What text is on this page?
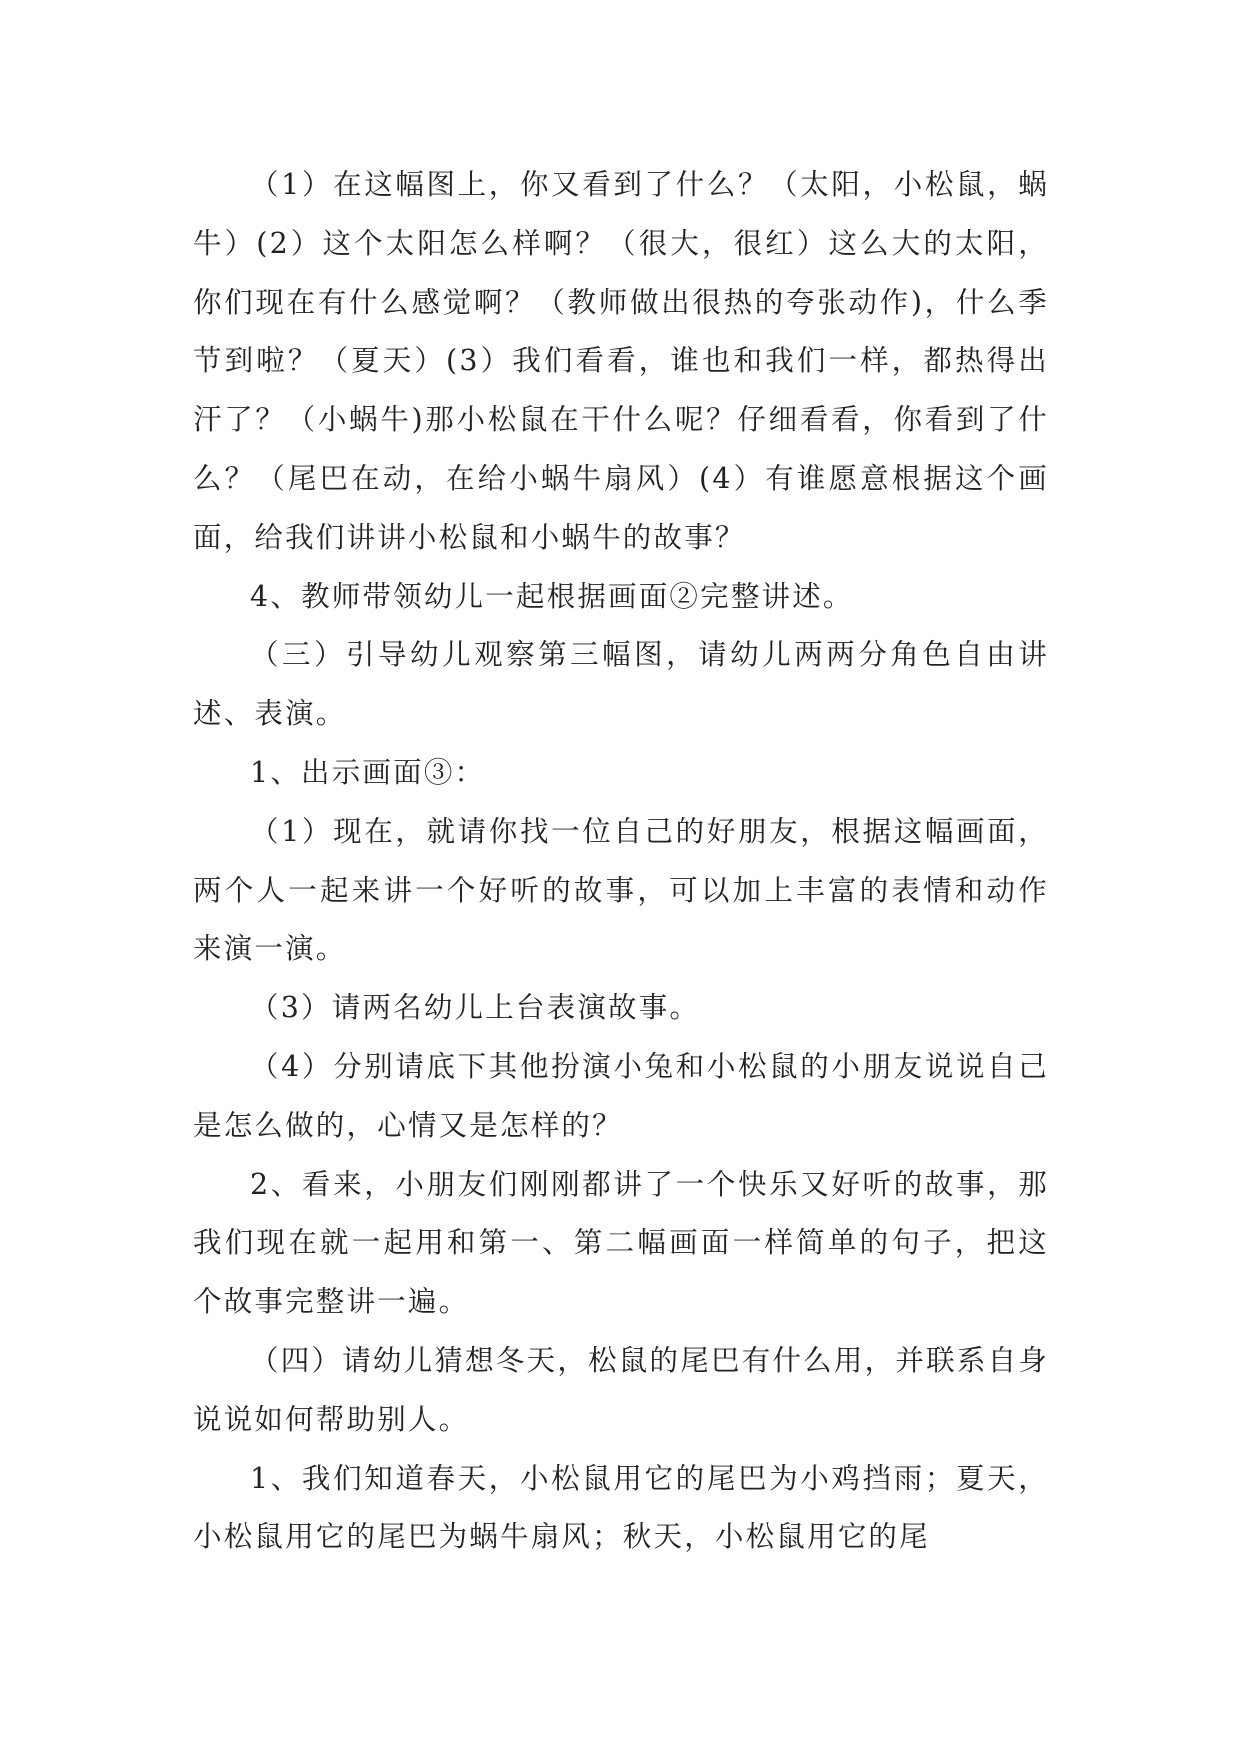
（1）在这幅图上，你又看到了什么？（太阳，小松鼠，蜗牛）(2）这个太阳怎么样啊？（很大，很红）这么大的太阳，你们现在有什么感觉啊？（教师做出很热的夸张动作)，什么季节到啦？（夏天）(3）我们看看，谁也和我们一样，都热得出汗了？（小蜗牛)那小松鼠在干什么呢？仔细看看，你看到了什么？（尾巴在动，在给小蜗牛扇风）(4）有谁愿意根据这个画面，给我们讲讲小松鼠和小蜗牛的故事？

4、教师带领幼儿一起根据画面②完整讲述。

（三）引导幼儿观察第三幅图，请幼儿两两分角色自由讲述、表演。

1、出示画面③：

（1）现在，就请你找一位自己的好朋友，根据这幅画面，两个人一起来讲一个好听的故事，可以加上丰富的表情和动作来演一演。

（3）请两名幼儿上台表演故事。

（4）分别请底下其他扮演小兔和小松鼠的小朋友说说自己是怎么做的，心情又是怎样的？

2、看来，小朋友们刚刚都讲了一个快乐又好听的故事，那我们现在就一起用和第一、第二幅画面一样简单的句子，把这个故事完整讲一遍。

（四）请幼儿猜想冬天，松鼠的尾巴有什么用，并联系自身说说如何帮助别人。

1、我们知道春天，小松鼠用它的尾巴为小鸡挡雨；夏天，小松鼠用它的尾巴为蜗牛扇风；秋天，小松鼠用它的尾
